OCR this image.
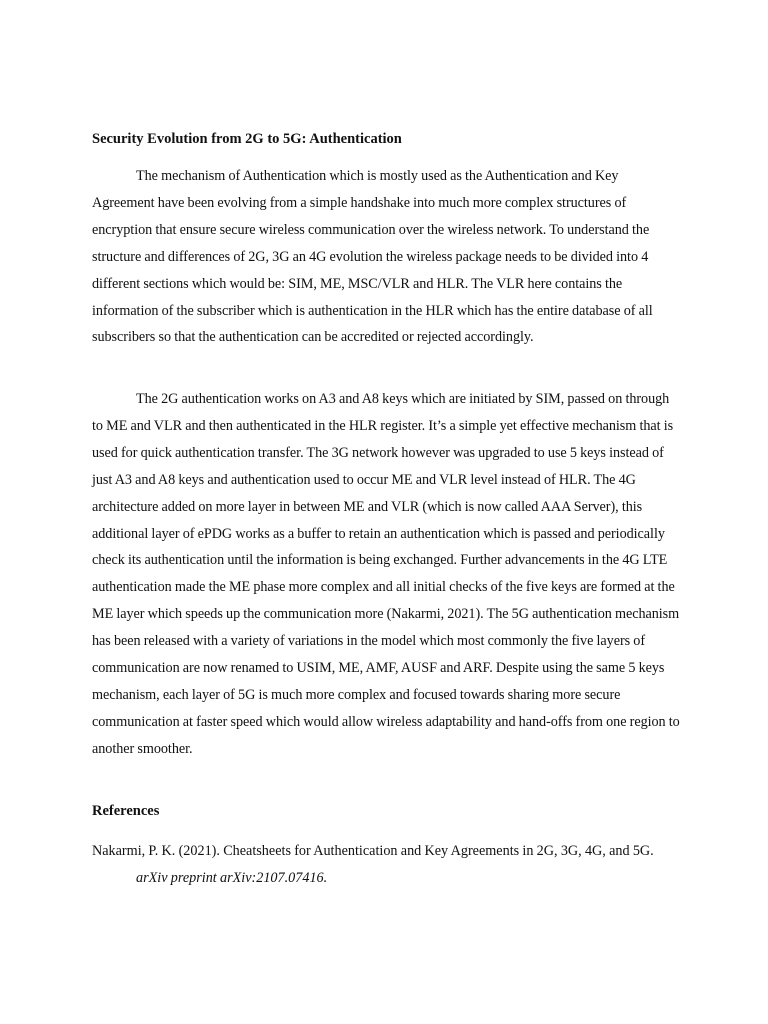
Security Evolution from 2G to 5G: Authentication

The mechanism of Authentication which is mostly used as the Authentication and Key Agreement have been evolving from a simple handshake into much more complex structures of encryption that ensure secure wireless communication over the wireless network. To understand the structure and differences of 2G, 3G an 4G evolution the wireless package needs to be divided into 4 different sections which would be: SIM, ME, MSC/VLR and HLR. The VLR here contains the information of the subscriber which is authentication in the HLR which has the entire database of all subscribers so that the authentication can be accredited or rejected accordingly.

The 2G authentication works on A3 and A8 keys which are initiated by SIM, passed on through to ME and VLR and then authenticated in the HLR register. It’s a simple yet effective mechanism that is used for quick authentication transfer. The 3G network however was upgraded to use 5 keys instead of just A3 and A8 keys and authentication used to occur ME and VLR level instead of HLR. The 4G architecture added on more layer in between ME and VLR (which is now called AAA Server), this additional layer of ePDG works as a buffer to retain an authentication which is passed and periodically check its authentication until the information is being exchanged. Further advancements in the 4G LTE authentication made the ME phase more complex and all initial checks of the five keys are formed at the ME layer which speeds up the communication more (Nakarmi, 2021). The 5G authentication mechanism has been released with a variety of variations in the model which most commonly the five layers of communication are now renamed to USIM, ME, AMF, AUSF and ARF. Despite using the same 5 keys mechanism, each layer of 5G is much more complex and focused towards sharing more secure communication at faster speed which would allow wireless adaptability and hand-offs from one region to another smoother.

References
Nakarmi, P. K. (2021). Cheatsheets for Authentication and Key Agreements in 2G, 3G, 4G, and 5G. arXiv preprint arXiv:2107.07416.
